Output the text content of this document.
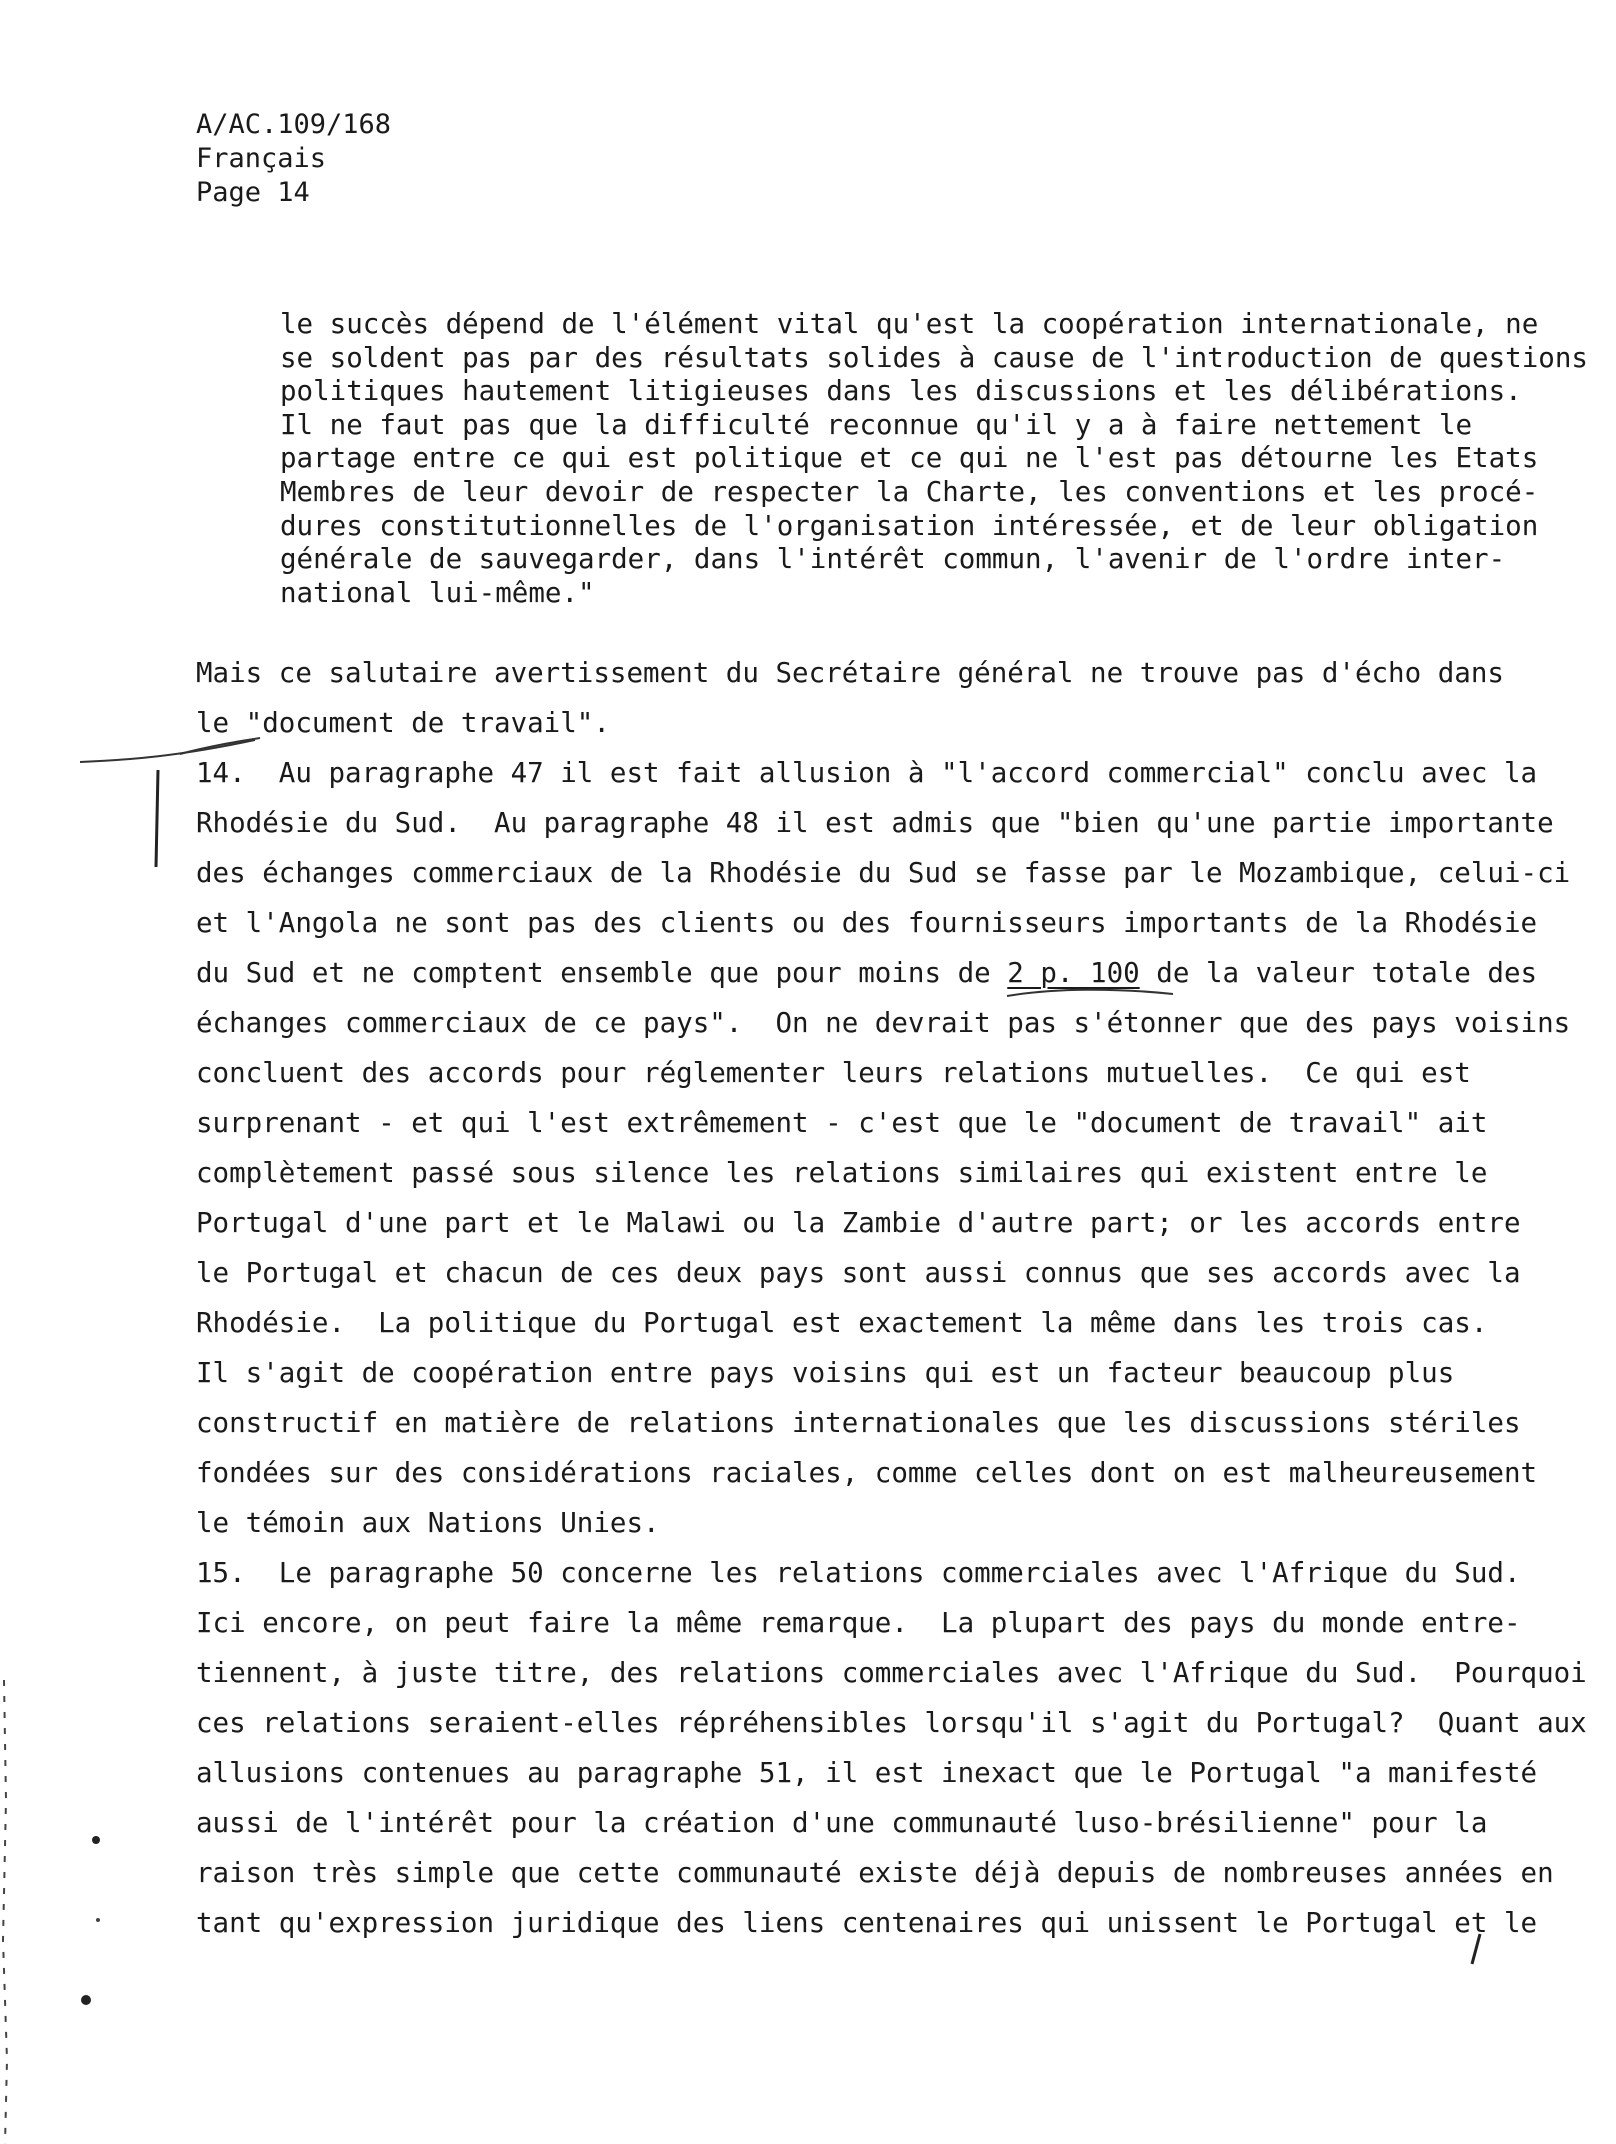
A/AC.109/168
Français
Page 14
le succès dépend de l'élément vital qu'est la coopération internationale, ne
se soldent pas par des résultats solides à cause de l'introduction de questions
politiques hautement litigieuses dans les discussions et les délibérations.
Il ne faut pas que la difficulté reconnue qu'il y a à faire nettement le
partage entre ce qui est politique et ce qui ne l'est pas détourne les Etats
Membres de leur devoir de respecter la Charte, les conventions et les procé-
dures constitutionnelles de l'organisation intéressée, et de leur obligation
générale de sauvegarder, dans l'intérêt commun, l'avenir de l'ordre inter-
national lui-même."
Mais ce salutaire avertissement du Secrétaire général ne trouve pas d'écho dans
le "document de travail".
14.  Au paragraphe 47 il est fait allusion à "l'accord commercial" conclu avec la
Rhodésie du Sud.  Au paragraphe 48 il est admis que "bien qu'une partie importante
des échanges commerciaux de la Rhodésie du Sud se fasse par le Mozambique, celui-ci
et l'Angola ne sont pas des clients ou des fournisseurs importants de la Rhodésie
du Sud et ne comptent ensemble que pour moins de 2 p. 100 de la valeur totale des
échanges commerciaux de ce pays".  On ne devrait pas s'étonner que des pays voisins
concluent des accords pour réglementer leurs relations mutuelles.  Ce qui est
surprenant - et qui l'est extrêmement - c'est que le "document de travail" ait
complètement passé sous silence les relations similaires qui existent entre le
Portugal d'une part et le Malawi ou la Zambie d'autre part; or les accords entre
le Portugal et chacun de ces deux pays sont aussi connus que ses accords avec la
Rhodésie.  La politique du Portugal est exactement la même dans les trois cas.
Il s'agit de coopération entre pays voisins qui est un facteur beaucoup plus
constructif en matière de relations internationales que les discussions stériles
fondées sur des considérations raciales, comme celles dont on est malheureusement
le témoin aux Nations Unies.
15.  Le paragraphe 50 concerne les relations commerciales avec l'Afrique du Sud.
Ici encore, on peut faire la même remarque.  La plupart des pays du monde entre-
tiennent, à juste titre, des relations commerciales avec l'Afrique du Sud.  Pourquoi
ces relations seraient-elles répréhensibles lorsqu'il s'agit du Portugal?  Quant aux
allusions contenues au paragraphe 51, il est inexact que le Portugal "a manifesté
aussi de l'intérêt pour la création d'une communauté luso-brésilienne" pour la
raison très simple que cette communauté existe déjà depuis de nombreuses années en
tant qu'expression juridique des liens centenaires qui unissent le Portugal et le
